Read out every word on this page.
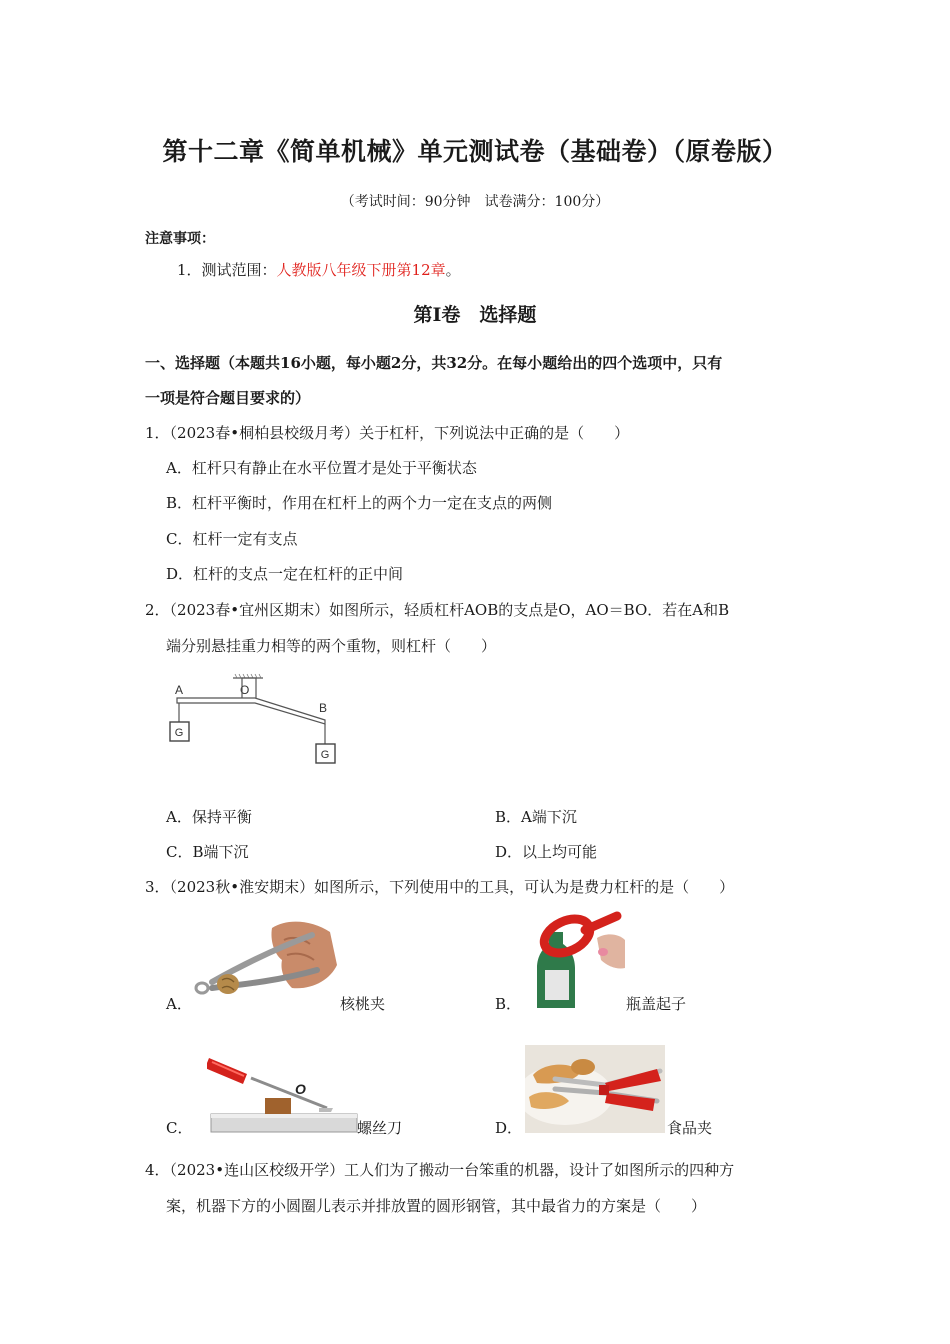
第十二章《简单机械》单元测试卷（基础卷）（原卷版）
（考试时间：90分钟　试卷满分：100分）
注意事项：
1．测试范围：人教版八年级下册第12章。
第Ⅰ卷　选择题
一、选择题（本题共16小题，每小题2分，共32分。在每小题给出的四个选项中，只有
一项是符合题目要求的）
1．（2023春•桐柏县校级月考）关于杠杆，下列说法中正确的是（　　）
A．杠杆只有静止在水平位置才是处于平衡状态
B．杠杆平衡时，作用在杠杆上的两个力一定在支点的两侧
C．杠杆一定有支点
D．杠杆的支点一定在杠杆的正中间
2．（2023春•宜州区期末）如图所示，轻质杠杆AOB的支点是O，AO＝BO．若在A和B
端分别悬挂重力相等的两个重物，则杠杆（　　）
A	O
B
G
G
A．保持平衡	B．A端下沉
C．B端下沉	D．以上均可能
3．（2023秋•淮安期末）如图所示，下列使用中的工具，可认为是费力杠杆的是（　　）
A．	核桃夹	B．	瓶盖起子
C．
O
螺丝刀	D．	食品夹
4．（2023•连山区校级开学）工人们为了搬动一台笨重的机器，设计了如图所示的四种方
案，机器下方的小圆圈儿表示并排放置的圆形钢管，其中最省力的方案是（　　）
